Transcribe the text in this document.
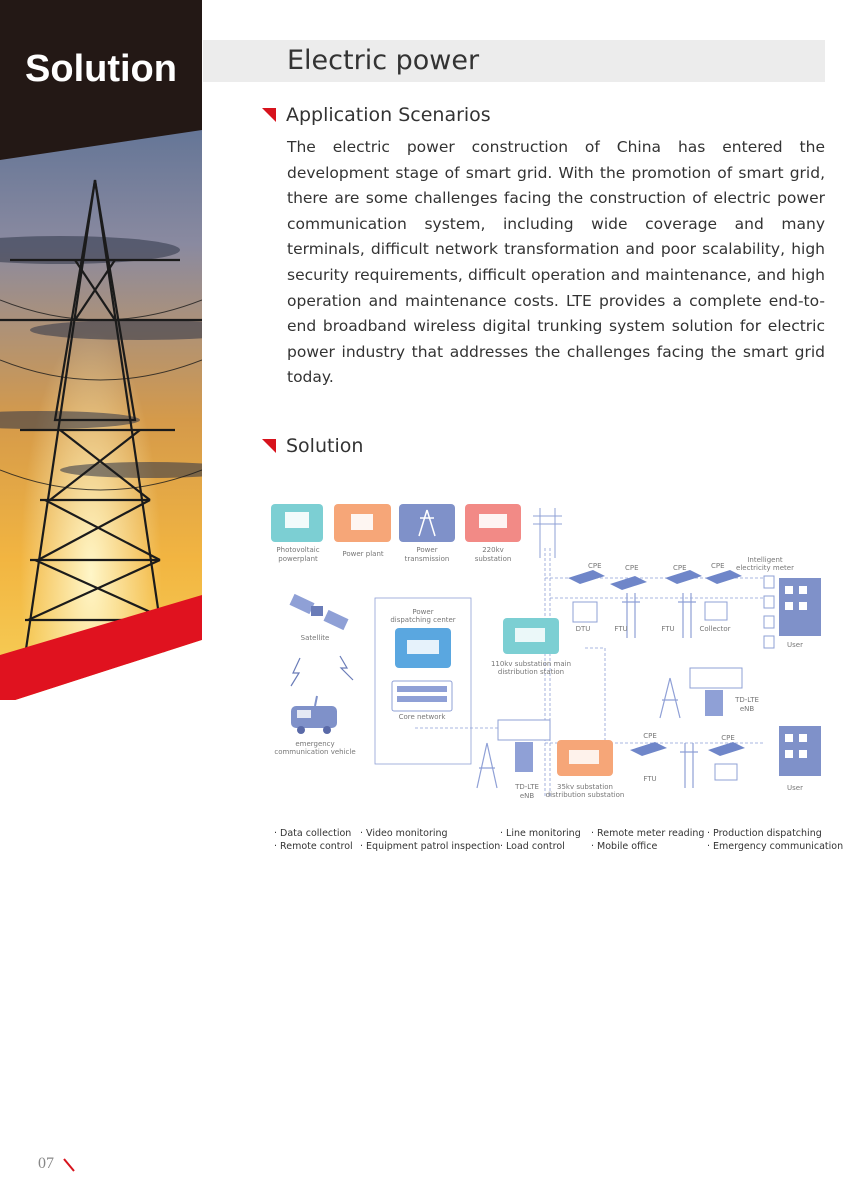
Solution	Electric power
Application Scenarios

The electric power construction of China has entered the development stage of smart grid. With the promotion of smart grid, there are some challenges facing the construction of electric power communication system, including wide coverage and many terminals, difficult network transformation and poor scalability, high security requirements, difficult operation and maintenance, and high operation and maintenance costs. LTE provides a complete end-to-end broadband wireless digital trunking system solution for electric power industry that addresses the challenges facing the smart grid today.

Solution
Photovoltaic
powerplant
Power plant	Power
transmission
220kv
substation
Satellite
emergency
communication vehicle
Power
dispatching center
Core network
110kv substation main
distribution station
TD-LTE
eNB
35kv substation
distribution substation
CPE	CPE	CPE	CPE
Intelligent
electricity meter
DTU	FTU	FTU	Collector
User
TD-LTE
eNB
CPE	CPE
FTU
User
· Data collection
· Remote control
· Video monitoring
· Equipment patrol inspection
· Line monitoring
· Load control
· Remote meter reading
· Mobile office
· Production dispatching
· Emergency communication
07
